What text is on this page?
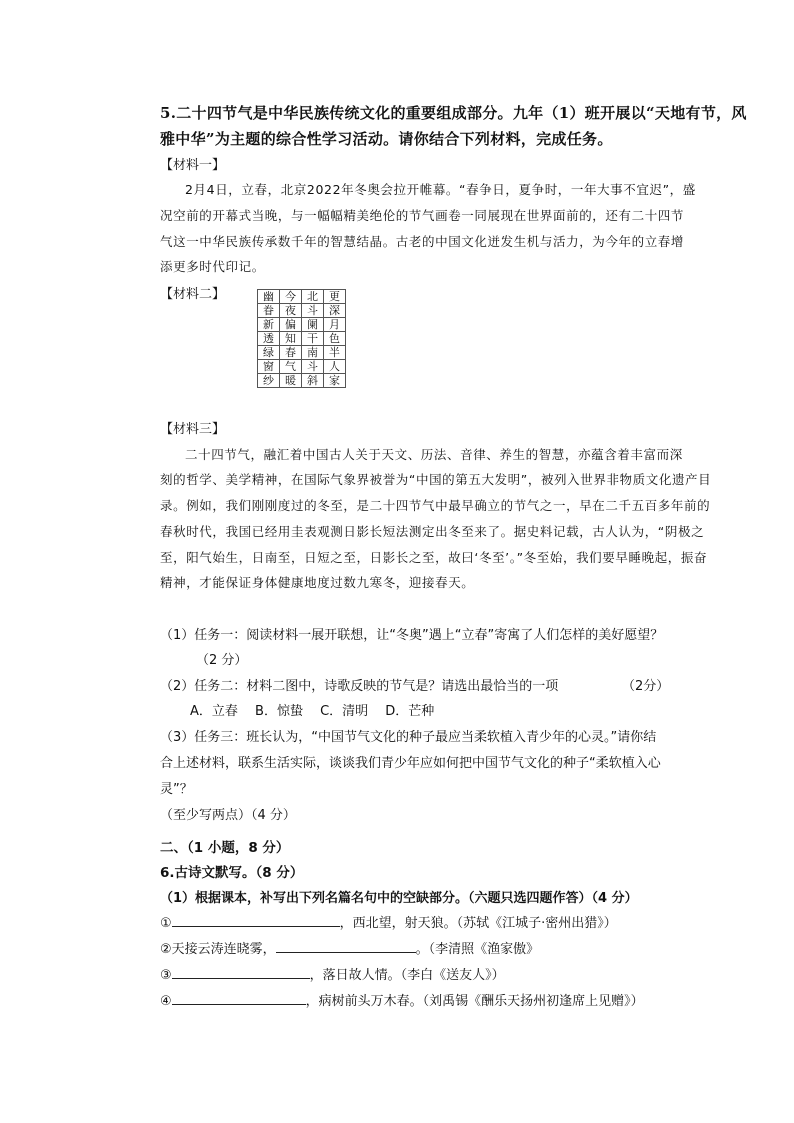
5.二十四节气是中华民族传统文化的重要组成部分。九年（1）班开展以“天地有节，风
雅中华”为主题的综合性学习活动。请你结合下列材料，完成任务。
【材料一】
2月4日，立春，北京2022年冬奥会拉开帷幕。“春争日，夏争时，一年大事不宜迟”，盛
况空前的开幕式当晚，与一幅幅精美绝伦的节气画卷一同展现在世界面前的，还有二十四节
气这一中华民族传承数千年的智慧结晶。古老的中国文化迸发生机与活力，为今年的立春增
添更多时代印记。
【材料二】	幽	今	北	更
眷	夜	斗	深
新	偏	阑	月
透	知	干	色
绿	春	南	半
窗	气	斗	人
纱	暖	斜	家
【材料三】
二十四节气，融汇着中国古人关于天文、历法、音律、养生的智慧，亦蕴含着丰富而深
刻的哲学、美学精神，在国际气象界被誉为“中国的第五大发明”，被列入世界非物质文化遗产目
录。例如，我们刚刚度过的冬至，是二十四节气中最早确立的节气之一，早在二千五百多年前的
春秋时代，我国已经用圭表观测日影长短法测定出冬至来了。据史料记载，古人认为，“阴极之
至，阳气始生，日南至，日短之至，日影长之至，故曰‘冬至’。”冬至始，我们要早睡晚起，振奋
精神，才能保证身体健康地度过数九寒冬，迎接春天。
（1）任务一：阅读材料一展开联想，让“冬奥”遇上“立春”寄寓了人们怎样的美好愿望？
（2 分）
（2）任务二：材料二图中，诗歌反映的节气是？请选出最恰当的一项	（2分）
A．立春　 B．惊蛰　 C．清明　 D．芒种
（3）任务三：班长认为，“中国节气文化的种子最应当柔软植入青少年的心灵。”请你结
合上述材料，联系生活实际，谈谈我们青少年应如何把中国节气文化的种子“柔软植入心
灵”？
（至少写两点）（4 分）
二、（1 小题，8 分）
6.古诗文默写。（8 分）
（1）根据课本，补写出下列名篇名句中的空缺部分。（六题只选四题作答）（4 分）
①	，西北望，射天狼。（苏轼《江城子·密州出猎》）
②天接云涛连晓雾，	。（李清照《渔家傲》
③	，落日故人情。（李白《送友人》）
④	，病树前头万木春。（刘禹锡《酬乐天扬州初逢席上见赠》）
